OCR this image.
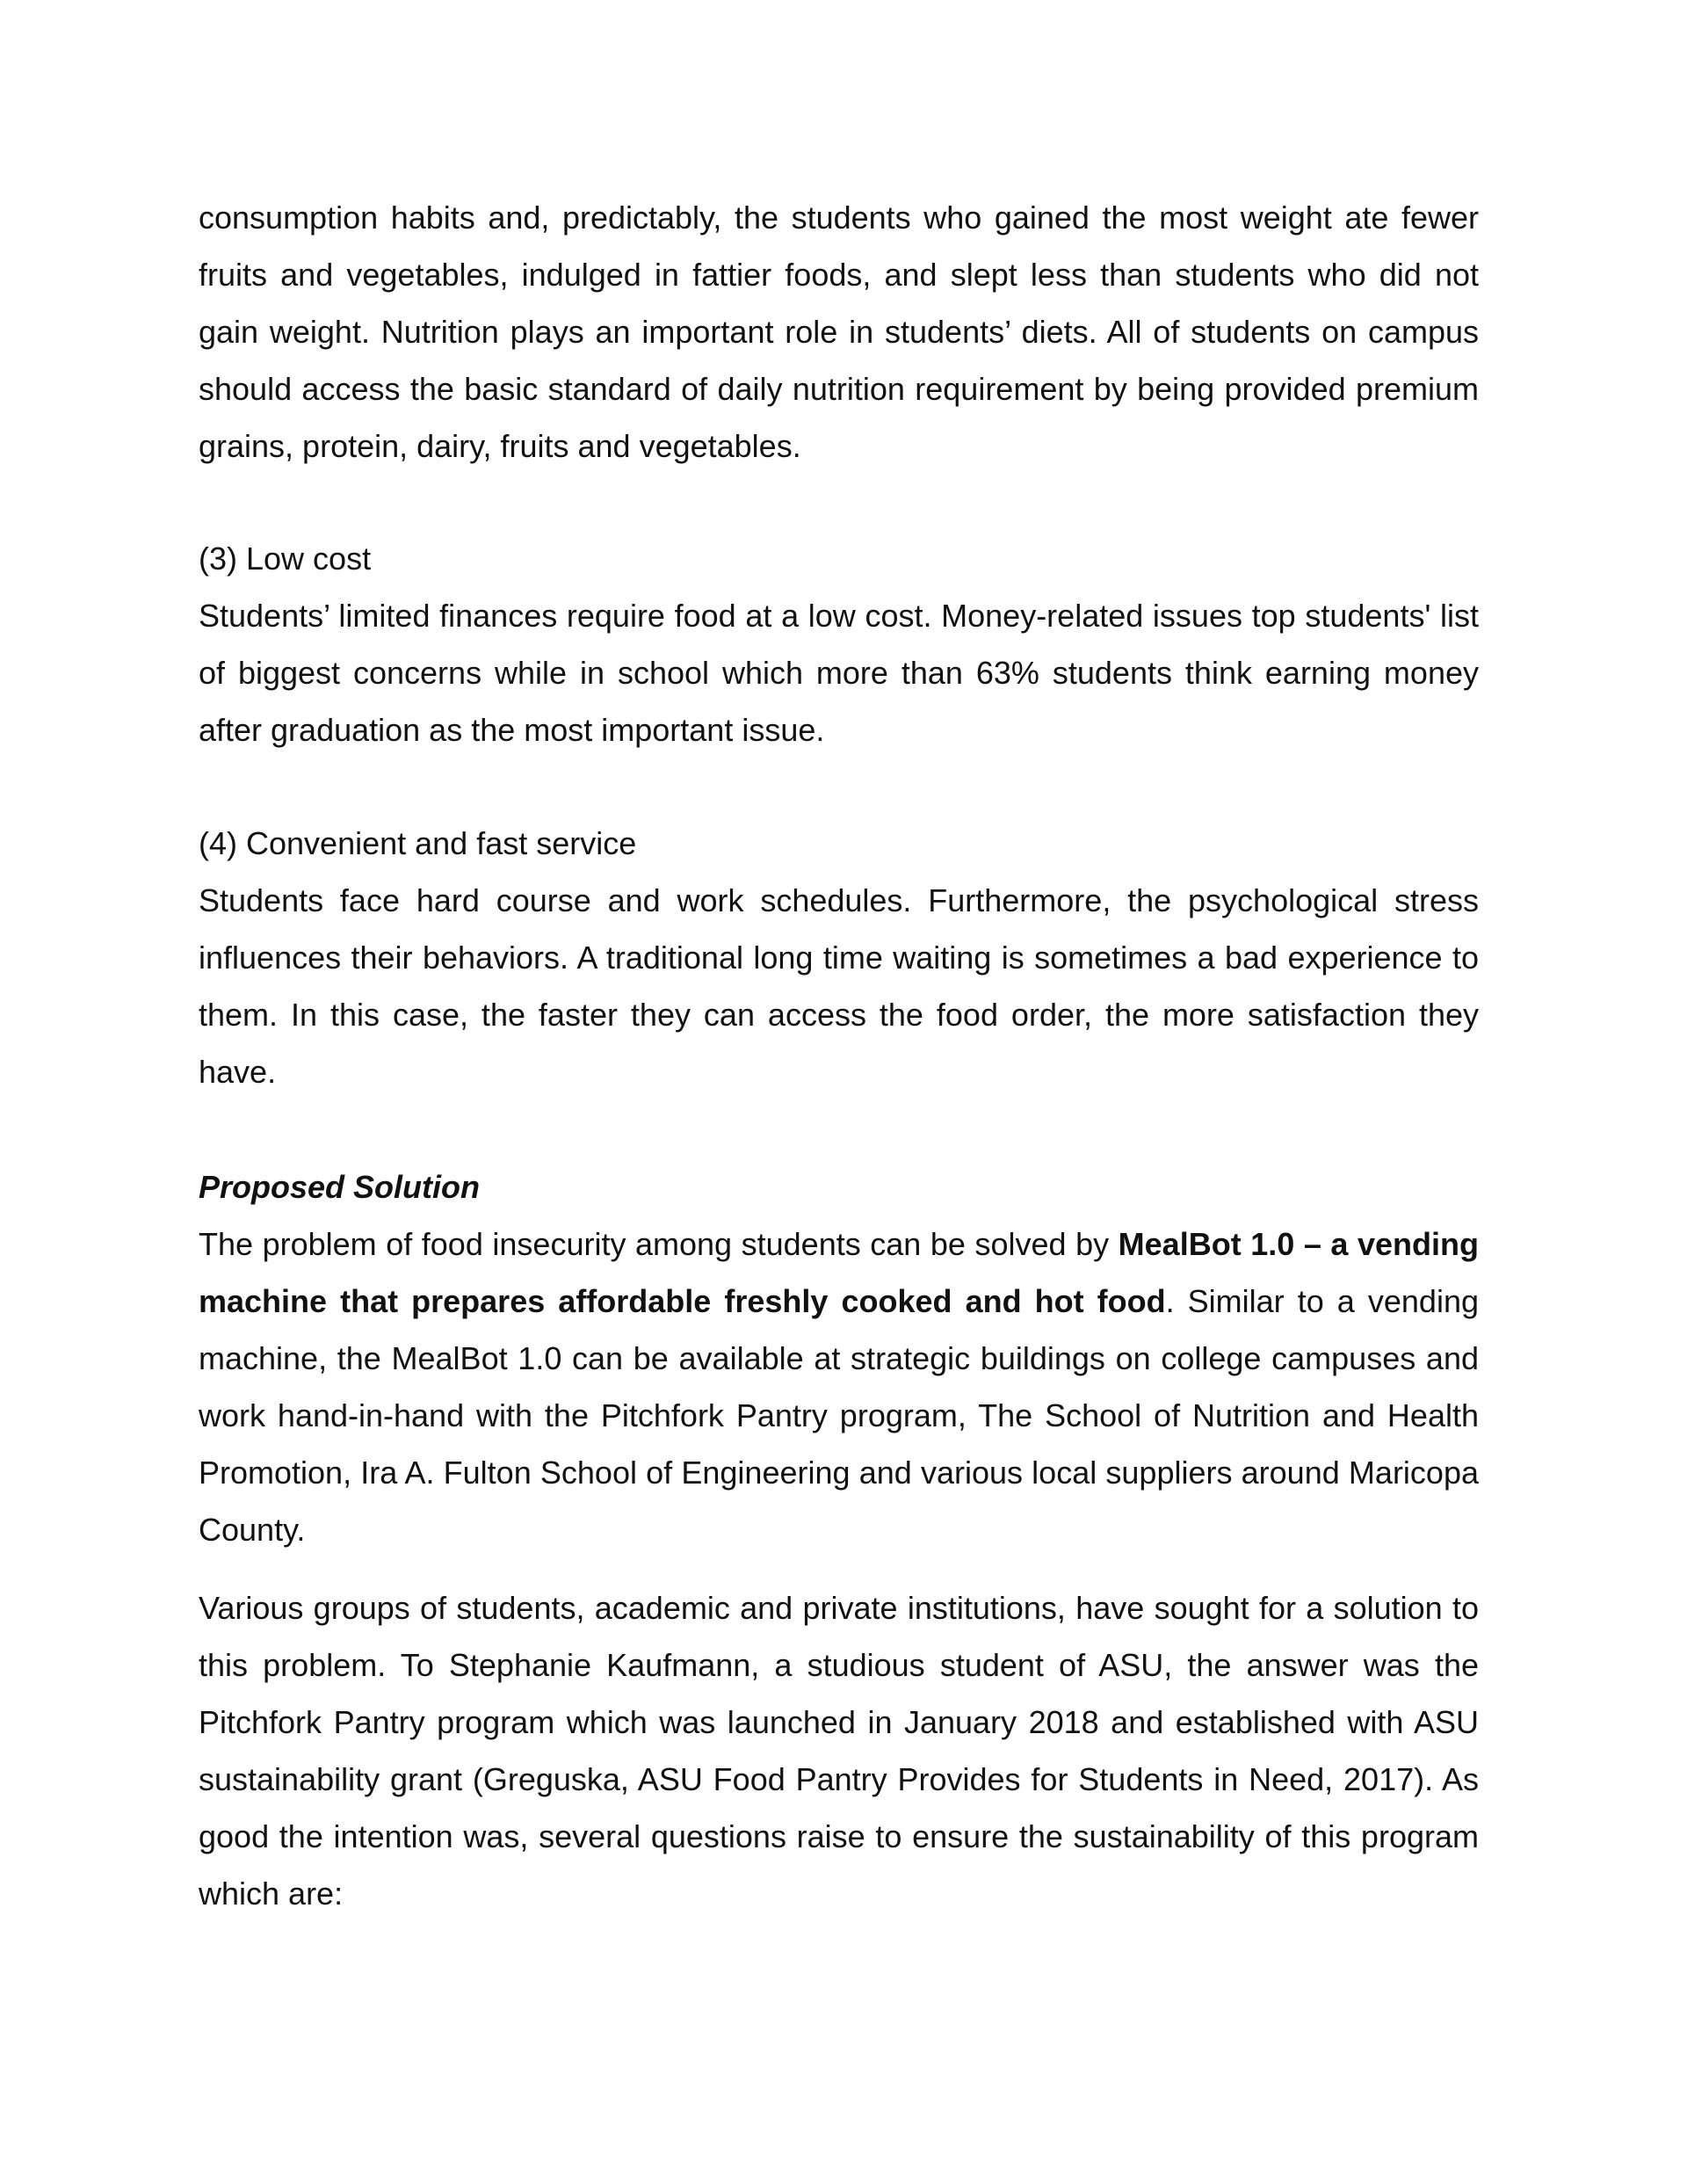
consumption habits and, predictably, the students who gained the most weight ate fewer fruits and vegetables, indulged in fattier foods, and slept less than students who did not gain weight. Nutrition plays an important role in students’ diets. All of students on campus should access the basic standard of daily nutrition requirement by being provided premium grains, protein, dairy, fruits and vegetables.

(3) Low cost

Students’ limited finances require food at a low cost. Money-related issues top students' list of biggest concerns while in school which more than 63% students think earning money after graduation as the most important issue.

(4) Convenient and fast service

Students face hard course and work schedules. Furthermore, the psychological stress influences their behaviors. A traditional long time waiting is sometimes a bad experience to them. In this case, the faster they can access the food order, the more satisfaction they have.

Proposed Solution

The problem of food insecurity among students can be solved by MealBot 1.0 – a vending machine that prepares affordable freshly cooked and hot food. Similar to a vending machine, the MealBot 1.0 can be available at strategic buildings on college campuses and work hand-in-hand with the Pitchfork Pantry program, The School of Nutrition and Health Promotion, Ira A. Fulton School of Engineering and various local suppliers around Maricopa County.

Various groups of students, academic and private institutions, have sought for a solution to this problem. To Stephanie Kaufmann, a studious student of ASU, the answer was the Pitchfork Pantry program which was launched in January 2018 and established with ASU sustainability grant (Greguska, ASU Food Pantry Provides for Students in Need, 2017). As good the intention was, several questions raise to ensure the sustainability of this program which are:
